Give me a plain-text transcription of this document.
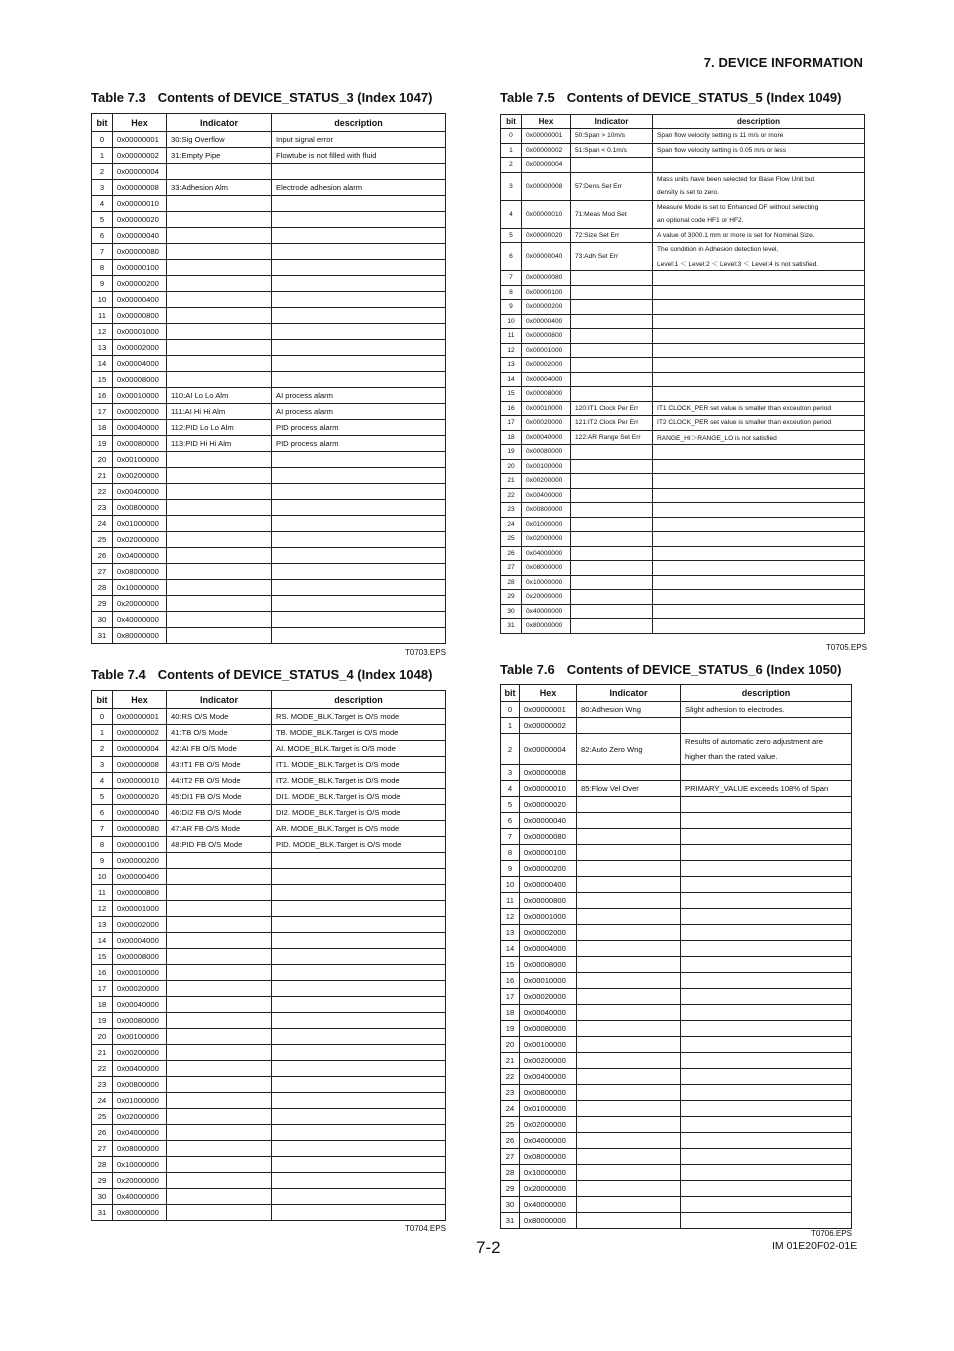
7. DEVICE INFORMATION
Table 7.3 Contents of DEVICE_STATUS_3 (Index 1047)
bit	Hex	Indicator	description
0	0x00000001	30:Sig Overflow	Input signal error
1	0x00000002	31:Empty Pipe	Flowtube is not filled with fluid
2	0x00000004		
3	0x00000008	33:Adhesion Alm	Electrode adhesion alarm
4	0x00000010		
5	0x00000020		
6	0x00000040		
7	0x00000080		
8	0x00000100		
9	0x00000200		
10	0x00000400		
11	0x00000800		
12	0x00001000		
13	0x00002000		
14	0x00004000		
15	0x00008000		
16	0x00010000	110:AI Lo Lo Alm	AI process alarm
17	0x00020000	111:AI Hi Hi Alm	AI process alarm
18	0x00040000	112:PID Lo Lo Alm	PID process alarm
19	0x00080000	113:PID Hi Hi Alm	PID process alarm
20	0x00100000		
21	0x00200000		
22	0x00400000		
23	0x00800000		
24	0x01000000		
25	0x02000000		
26	0x04000000		
27	0x08000000		
28	0x10000000		
29	0x20000000		
30	0x40000000		
31	0x80000000		
T0703.EPS
Table 7.4 Contents of DEVICE_STATUS_4 (Index 1048)
bit	Hex	Indicator	description
0	0x00000001	40:RS O/S Mode	RS. MODE_BLK.Target is O/S mode
1	0x00000002	41:TB O/S Mode	TB. MODE_BLK.Target is O/S mode
2	0x00000004	42:AI FB O/S Mode	AI. MODE_BLK.Target is O/S mode
3	0x00000008	43:IT1 FB O/S Mode	IT1. MODE_BLK.Target is O/S mode
4	0x00000010	44:IT2 FB O/S Mode	IT2. MODE_BLK.Target is O/S mode
5	0x00000020	45:DI1 FB O/S Mode	DI1. MODE_BLK.Target is O/S mode
6	0x00000040	46:DI2 FB O/S Mode	DI2. MODE_BLK.Target is O/S mode
7	0x00000080	47:AR FB O/S Mode	AR. MODE_BLK.Target is O/S mode
8	0x00000100	48:PID FB O/S Mode	PID. MODE_BLK.Target is O/S mode
9	0x00000200		
10	0x00000400		
11	0x00000800		
12	0x00001000		
13	0x00002000		
14	0x00004000		
15	0x00008000		
16	0x00010000		
17	0x00020000		
18	0x00040000		
19	0x00080000		
20	0x00100000		
21	0x00200000		
22	0x00400000		
23	0x00800000		
24	0x01000000		
25	0x02000000		
26	0x04000000		
27	0x08000000		
28	0x10000000		
29	0x20000000		
30	0x40000000		
31	0x80000000		
T0704.EPS
Table 7.5 Contents of DEVICE_STATUS_5 (Index 1049)
bit	Hex	Indicator	description
0	0x00000001	50:Span > 10m/s	Span flow velocity setting is 11 m/s or more
1	0x00000002	51:Span < 0.1m/s	Span flow velocity setting is 0.05 m/s or less
2	0x00000004		
3	0x00000008	57:Dens Set Err	Mass units have been selected for Base Flow Unit but
			density is set to zero.
4	0x00000010	71:Meas Mod Set	Measure Mode is set to Enhanced DF without selecting
			an optional code HF1 or HF2.
5	0x00000020	72:Size Set Err	A value of 3000.1 mm or more is set for Nominal Size.
6	0x00000040	73:Adh Set Err	The condition in Adhesion detection level,
			Level:1 ＜ Level:2 ＜ Level:3 ＜ Level:4 is not satisfied.
7	0x00000080		
8	0x00000100		
9	0x00000200		
10	0x00000400		
11	0x00000800		
12	0x00001000		
13	0x00002000		
14	0x00004000		
15	0x00008000		
16	0x00010000	120:IT1 Clock Per Err	IT1 CLOCK_PER set value is smaller than exceution period
17	0x00020000	121:IT2 Clock Per Err	IT2 CLOCK_PER set value is smaller than exceution period
18	0x00040000	122:AR Range Set Err	RANGE_HI＞RANGE_LO is not satisfied
19	0x00080000		
20	0x00100000		
21	0x00200000		
22	0x00400000		
23	0x00800000		
24	0x01000000		
25	0x02000000		
26	0x04000000		
27	0x08000000		
28	0x10000000		
29	0x20000000		
30	0x40000000		
31	0x80000000		
T0705.EPS
Table 7.6 Contents of DEVICE_STATUS_6 (Index 1050)
bit	Hex	Indicator	description
0	0x00000001	80:Adhesion Wng	Slight adhesion to electrodes.
1	0x00000002		
2	0x00000004	82:Auto Zero Wng	Results of automatic zero adjustment are
			higher than the rated value.
3	0x00000008		
4	0x00000010	85:Flow Vel Over	PRIMARY_VALUE exceeds 108% of Span
5	0x00000020		
6	0x00000040		
7	0x00000080		
8	0x00000100		
9	0x00000200		
10	0x00000400		
11	0x00000800		
12	0x00001000		
13	0x00002000		
14	0x00004000		
15	0x00008000		
16	0x00010000		
17	0x00020000		
18	0x00040000		
19	0x00080000		
20	0x00100000		
21	0x00200000		
22	0x00400000		
23	0x00800000		
24	0x01000000		
25	0x02000000		
26	0x04000000		
27	0x08000000		
28	0x10000000		
29	0x20000000		
30	0x40000000		
31	0x80000000		
T0706.EPS
7-2	IM 01E20F02-01E
